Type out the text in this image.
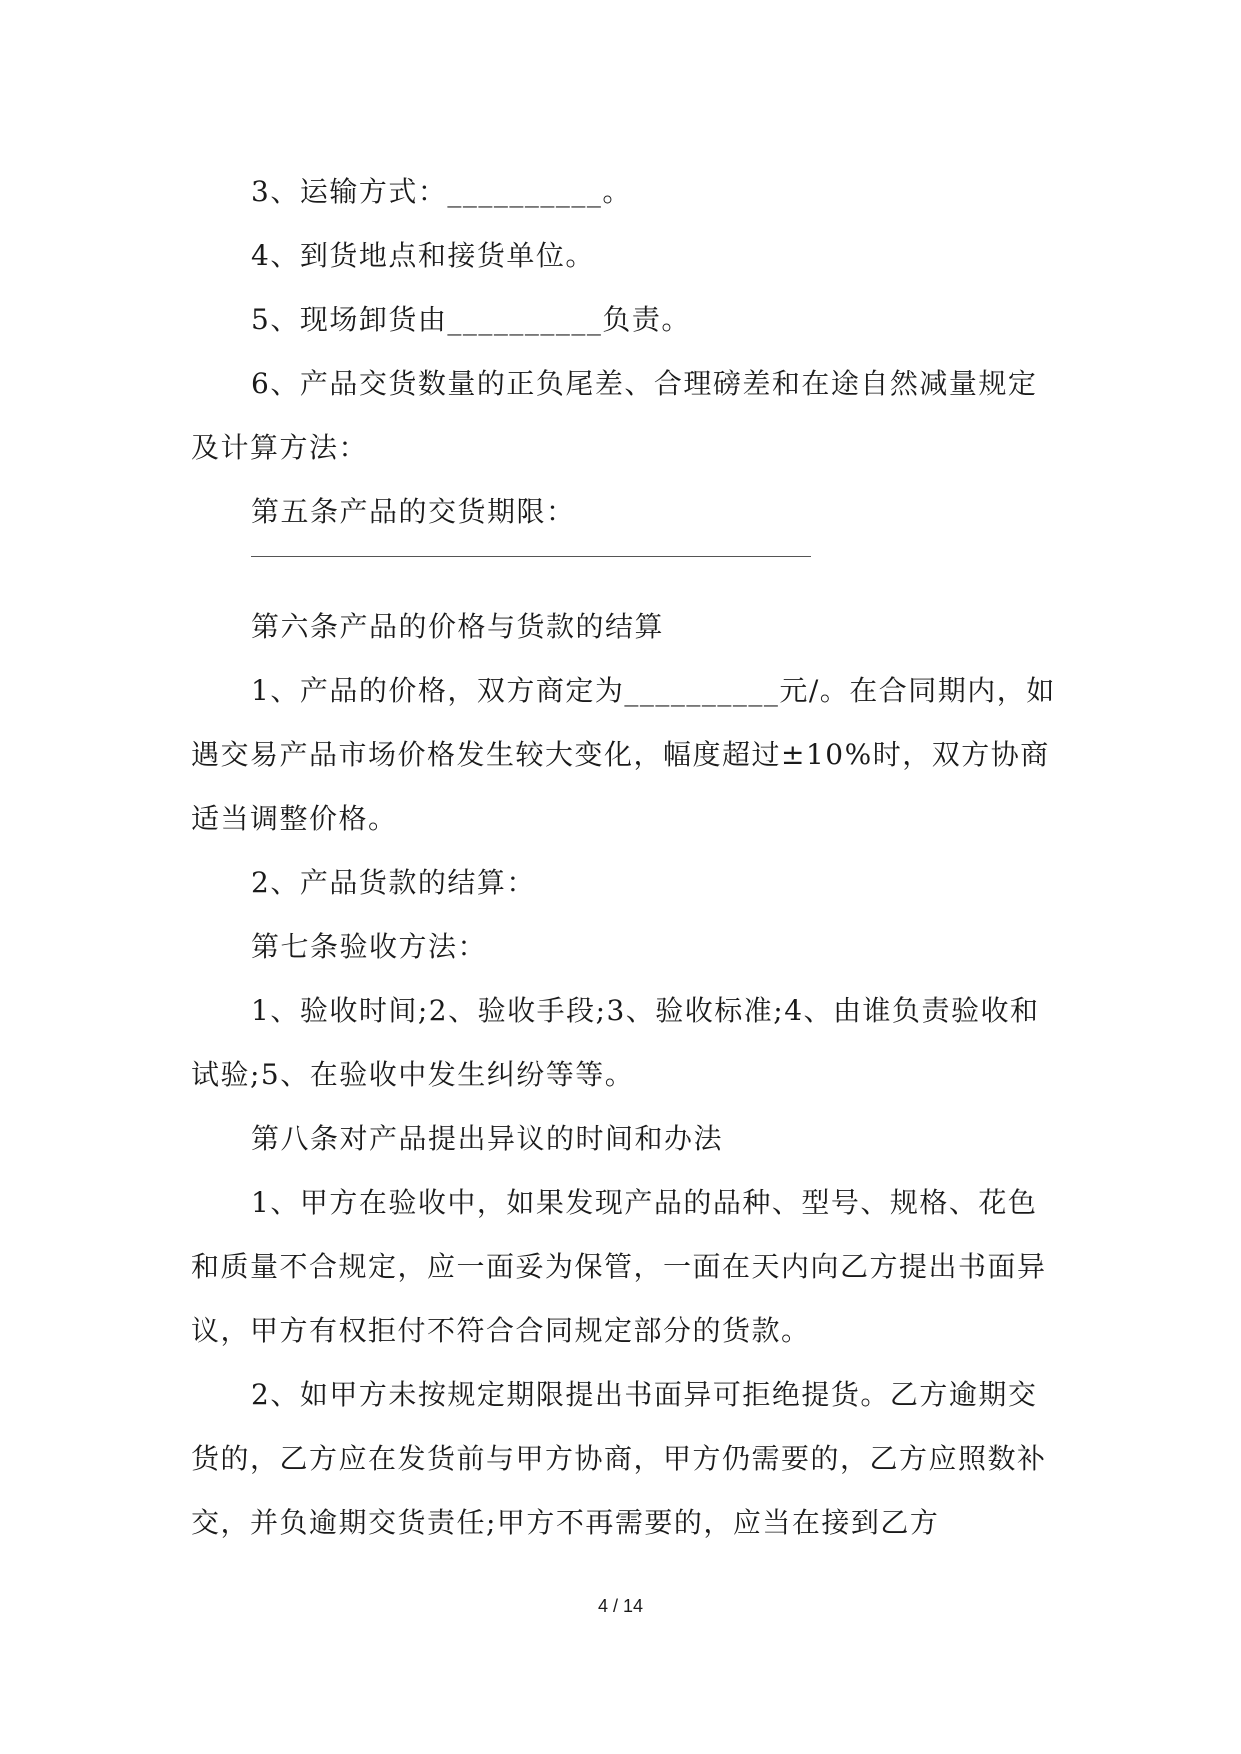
3、运输方式：__________。

4、到货地点和接货单位。

5、现场卸货由__________负责。

6、产品交货数量的正负尾差、合理磅差和在途自然减量规定及计算方法：

第五条产品的交货期限：

第六条产品的价格与货款的结算

1、产品的价格，双方商定为__________元/。在合同期内，如遇交易产品市场价格发生较大变化，幅度超过±10%时，双方协商适当调整价格。

2、产品货款的结算：

第七条验收方法：

1、验收时间;2、验收手段;3、验收标准;4、由谁负责验收和试验;5、在验收中发生纠纷等等。

第八条对产品提出异议的时间和办法

1、甲方在验收中，如果发现产品的品种、型号、规格、花色和质量不合规定，应一面妥为保管，一面在天内向乙方提出书面异议，甲方有权拒付不符合合同规定部分的货款。

2、如甲方未按规定期限提出书面异可拒绝提货。乙方逾期交货的，乙方应在发货前与甲方协商，甲方仍需要的，乙方应照数补交，并负逾期交货责任;甲方不再需要的，应当在接到乙方

4 / 14
